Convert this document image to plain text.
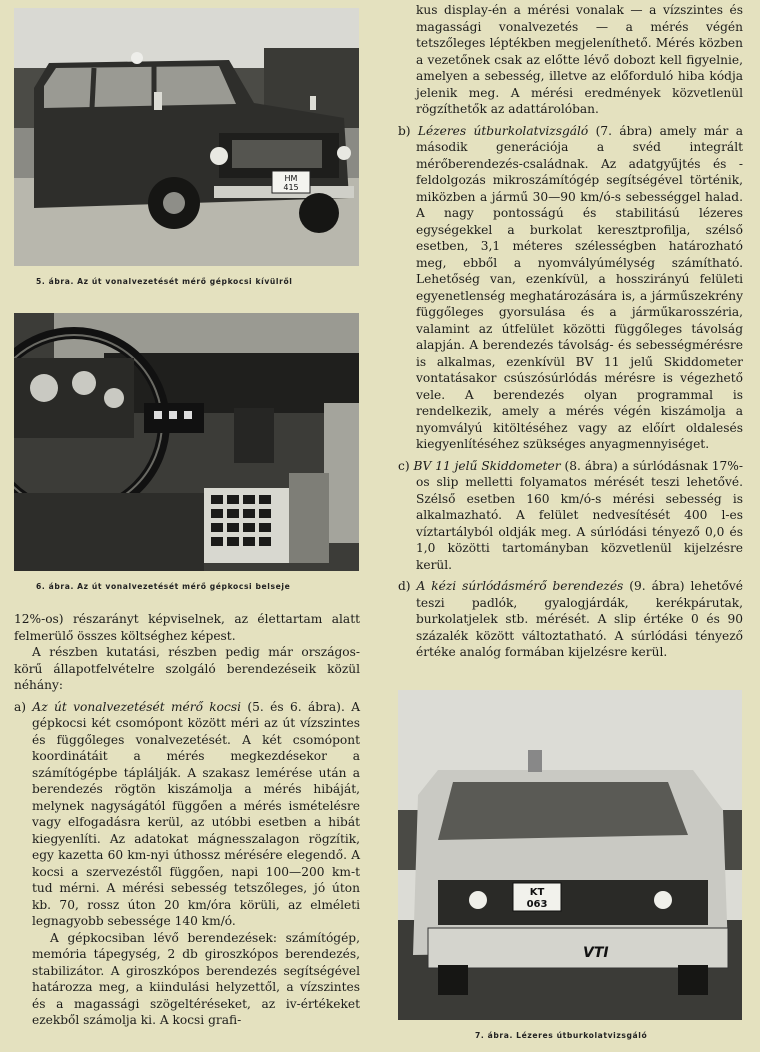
HM
415
5. ábra. Az út vonalvezetését mérő gépkocsi kívülről
6. ábra. Az út vonalvezetését mérő gépkocsi belseje
KT
063
VTI
7. ábra. Lézeres útburkolatvizsgáló

12%-os) részarányt képviselnek, az élettartam alatt felmerülő összes költséghez képest.

A részben kutatási, részben pedig már országos-körű állapotfelvételre szolgáló berendezéseik közül néhány:

a) Az út vonalvezetését mérő kocsi (5. és 6. ábra). A gépkocsi két csomópont között méri az út vízszintes és függőleges vonalvezetését. A két csomópont koordinátáit a mérés megkezdésekor a számítógépbe táplálják. A szakasz lemérése után a berendezés rögtön kiszámolja a mérés hibáját, melynek nagyságától függően a mérés ismételésre vagy elfogadásra kerül, az utóbbi esetben a hibát kiegyenlíti. Az adatokat mágnesszalagon rögzítik, egy kazetta 60 km-nyi úthossz mérésére elegendő. A kocsi a szervezéstől függően, napi 100—200 km-t tud mérni. A mérési sebesség tetszőleges, jó úton kb. 70, rossz úton 20 km/óra körüli, az elméleti legnagyobb sebessége 140 km/ó.

A gépkocsiban lévő berendezések: számítógép, memória tápegység, 2 db giroszkópos berendezés, stabilizátor. A giroszkópos berendezés segítségével határozza meg, a kiindulási helyzettől, a vízszintes és a magassági szögeltéréseket, az iv-értékeket ezekből számolja ki. A kocsi grafi-

kus display-én a mérési vonalak — a vízszintes és magassági vonalvezetés — a mérés végén tetszőleges léptékben megjeleníthető. Mérés közben a vezetőnek csak az előtte lévő dobozt kell figyelnie, amelyen a sebesség, illetve az előforduló hiba kódja jelenik meg. A mérési eredmények közvetlenül rögzíthetők az adattárolóban.

b) Lézeres útburkolatvizsgáló (7. ábra) amely már a második generációja a svéd integrált mérőberendezés-családnak. Az adatgyűjtés és -feldolgozás mikroszámítógép segítségével történik, miközben a jármű 30—90 km/ó-s sebességgel halad. A nagy pontosságú és stabilitású lézeres egységekkel a burkolat keresztprofilja, szélső esetben, 3,1 méteres szélességben határozható meg, ebből a nyomvályúmélység számítható. Lehetőség van, ezenkívül, a hosszirányú felületi egyenetlenség meghatározására is, a járműszekrény függőleges gyorsulása és a járműkarosszéria, valamint az útfelület közötti függőleges távolság alapján. A berendezés távolság- és sebességmérésre is alkalmas, ezenkívül BV 11 jelű Skiddometer vontatásakor csúszósúrlódás mérésre is végezhető vele. A berendezés olyan programmal is rendelkezik, amely a mérés végén kiszámolja a nyomvályú kitöltéséhez vagy az előírt oldalesés kiegyenlítéséhez szükséges anyagmennyiséget.

c) BV 11 jelű Skiddometer (8. ábra) a súrlódásnak 17%-os slip melletti folyamatos mérését teszi lehetővé. Szélső esetben 160 km/ó-s mérési sebesség is alkalmazható. A felület nedvesítését 400 l-es víztartályból oldják meg. A súrlódási tényező 0,0 és 1,0 közötti tartományban közvetlenül kijelzésre kerül.

d) A kézi súrlódásmérő berendezés (9. ábra) lehetővé teszi padlók, gyalogjárdák, kerékpárutak, burkolatjelek stb. mérését. A slip értéke 0 és 90 százalék között változtatható. A súrlódási tényező értéke analóg formában kijelzésre kerül.
